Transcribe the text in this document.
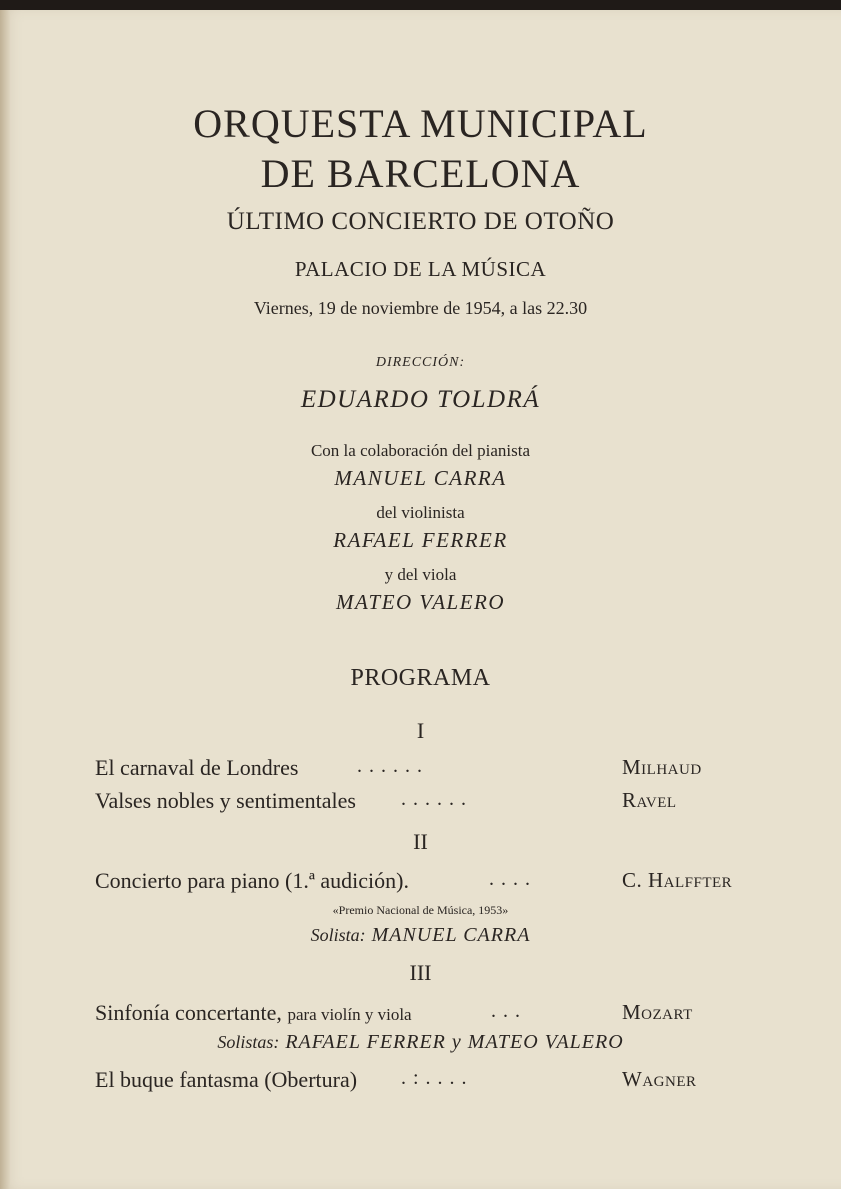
ORQUESTA MUNICIPAL
DE BARCELONA
ÚLTIMO CONCIERTO DE OTOÑO
PALACIO DE LA MÚSICA
Viernes, 19 de noviembre de 1954, a las 22.30
DIRECCIÓN:
EDUARDO TOLDRÁ
Con la colaboración del pianista
MANUEL CARRA
del violinista
RAFAEL FERRER
y del viola
MATEO VALERO
PROGRAMA
I
El carnaval de Londres	. . . . . .	Milhaud
Valses nobles y sentimentales . . . . . .	Ravel
II
Concierto para piano (1.ª audición).	. . . .	C. Halffter
«Premio Nacional de Música, 1953»
Solista: MANUEL CARRA
III
Sinfonía concertante, para violín y viola	. . .	Mozart
Solistas: RAFAEL FERRER y MATEO VALERO
El buque fantasma (Obertura) . : . . . .	Wagner
